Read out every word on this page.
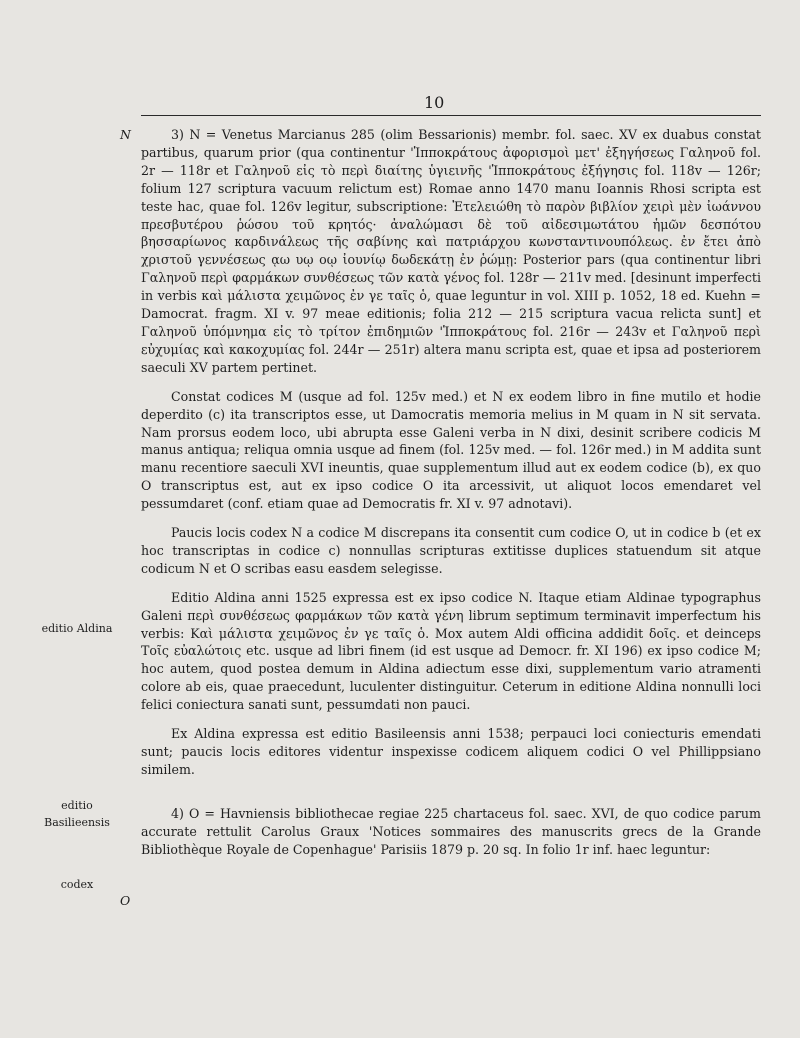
10
N
editio Aldina
editio
Basilieensis
codex
O

3) N = Venetus Marcianus 285 (olim Bessarionis) membr. fol. saec. XV ex duabus constat partibus, quarum prior (qua continentur 'Ἱπποκράτους ἀφορισμοὶ μετ' ἐξηγήσεως Γαληνοῦ fol. 2r — 118r et Γαληνοῦ εἰς τὸ περὶ διαίτης ὑγιεινῆς 'Ἱπποκράτους ἐξήγησις fol. 118v — 126r; folium 127 scriptura vacuum relictum est) Romae anno 1470 manu Ioannis Rhosi scripta est teste hac, quae fol. 126v legitur, subscriptione: Ἐτελειώθη τὸ παρὸν βιβλίον χειρὶ μὲν ἰωάννου πρεσβυτέρου ῥώσου τοῦ κρητός· ἀναλώμασι δὲ τοῦ αἰδεσιμωτάτου ἡμῶν δεσπότου βησσαρίωνος καρδινάλεως τῆς σαβίνης καὶ πατριάρχου κωνσταντινουπόλεως. ἐν ἔτει ἀπὸ χριστοῦ γεννέσεως ᾳω υῳ οῳ ἰουνίῳ δωδεκάτῃ ἐν ῥώμῃ: Posterior pars (qua continentur libri Γαληνοῦ περὶ φαρμάκων συνθέσεως τῶν κατὰ γένος fol. 128r — 211v med. [desinunt imperfecti in verbis καὶ μάλιστα χειμῶνος ἐν γε ταῖς ὁ, quae leguntur in vol. XIII p. 1052, 18 ed. Kuehn = Damocrat. fragm. XI v. 97 meae editionis; folia 212 — 215 scriptura vacua relicta sunt] et Γαληνοῦ ὑπόμνημα εἰς τὸ τρίτον ἐπιδημιῶν 'Ἱπποκράτους fol. 216r — 243v et Γαληνοῦ περὶ εὐχυμίας καὶ κακοχυμίας fol. 244r — 251r) altera manu scripta est, quae et ipsa ad posteriorem saeculi XV partem pertinet.

Constat codices M (usque ad fol. 125v med.) et N ex eodem libro in fine mutilo et hodie deperdito (c) ita transcriptos esse, ut Damocratis memoria melius in M quam in N sit servata. Nam prorsus eodem loco, ubi abrupta esse Galeni verba in N dixi, desinit scribere codicis M manus antiqua; reliqua omnia usque ad finem (fol. 125v med. — fol. 126r med.) in M addita sunt manu recentiore saeculi XVI ineuntis, quae supplementum illud aut ex eodem codice (b), ex quo O transcriptus est, aut ex ipso codice O ita arcessivit, ut aliquot locos emendaret vel pessumdaret (conf. etiam quae ad Democratis fr. XI v. 97 adnotavi).

Paucis locis codex N a codice M discrepans ita consentit cum codice O, ut in codice b (et ex hoc transcriptas in codice c) nonnullas scripturas extitisse duplices statuendum sit atque codicum N et O scribas easu easdem selegisse.

Editio Aldina anni 1525 expressa est ex ipso codice N. Itaque etiam Aldinae typographus Galeni περὶ συνθέσεως φαρμάκων τῶν κατὰ γένη librum septimum terminavit imperfectum his verbis: Καὶ μάλιστα χειμῶνος ἐν γε ταῖς ὁ. Mox autem Aldi officina addidit δοῖς. et deinceps Τοῖς εὐαλώτοις etc. usque ad libri finem (id est usque ad Democr. fr. XI 196) ex ipso codice M; hoc autem, quod postea demum in Aldina adiectum esse dixi, supplementum vario atramenti colore ab eis, quae praecedunt, luculenter distinguitur. Ceterum in editione Aldina nonnulli loci felici coniectura sanati sunt, pessumdati non pauci.

Ex Aldina expressa est editio Basileensis anni 1538; perpauci loci coniecturis emendati sunt; paucis locis editores videntur inspexisse codicem aliquem codici O vel Phillippsiano similem.

4) O = Havniensis bibliothecae regiae 225 chartaceus fol. saec. XVI, de quo codice parum accurate rettulit Carolus Graux 'Notices sommaires des manuscrits grecs de la Grande Bibliothèque Royale de Copenhague' Parisiis 1879 p. 20 sq. In folio 1r inf. haec leguntur:
